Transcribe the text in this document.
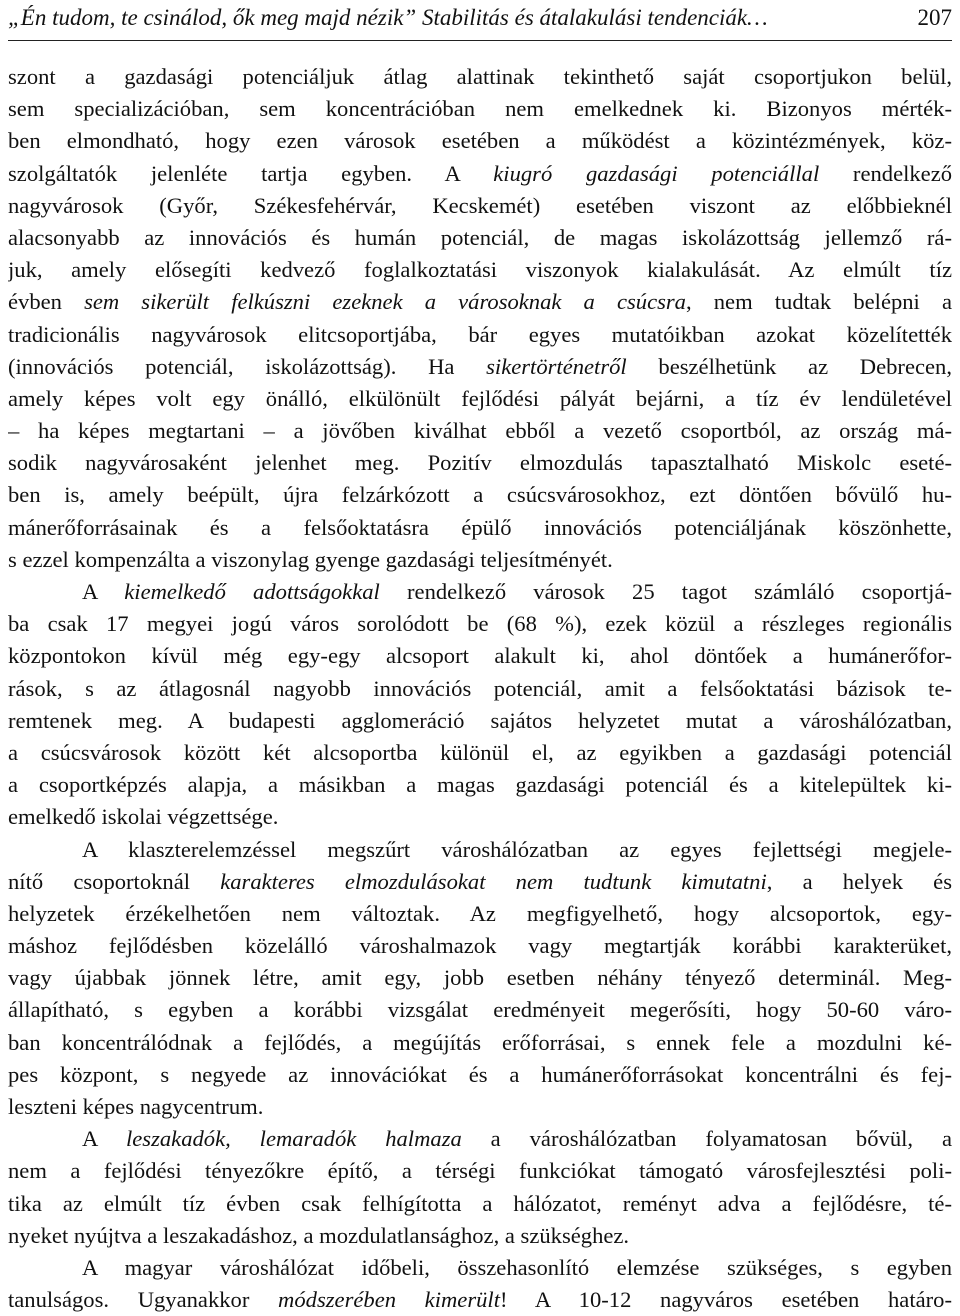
„Én tudom, te csinálod, ők meg majd nézik” Stabilitás és átalakulási tendenciák…	207
szont a gazdasági potenciáljuk átlag alattinak tekinthető saját csoportjukon belül,
sem specializációban, sem koncentrációban nem emelkednek ki. Bizonyos mérték-
ben elmondható, hogy ezen városok esetében a működést a közintézmények, köz-
szolgáltatók jelenléte tartja egyben. A kiugró gazdasági potenciállal rendelkező
nagyvárosok (Győr, Székesfehérvár, Kecskemét) esetében viszont az előbbieknél
alacsonyabb az innovációs és humán potenciál, de magas iskolázottság jellemző rá-
juk, amely elősegíti kedvező foglalkoztatási viszonyok kialakulását. Az elmúlt tíz
évben sem sikerült felkúszni ezeknek a városoknak a csúcsra, nem tudtak belépni a
tradicionális nagyvárosok elitcsoportjába, bár egyes mutatóikban azokat közelítették
(innovációs potenciál, iskolázottság). Ha sikertörténetről beszélhetünk az Debrecen,
amely képes volt egy önálló, elkülönült fejlődési pályát bejárni, a tíz év lendületével
– ha képes megtartani – a jövőben kiválhat ebből a vezető csoportból, az ország má-
sodik nagyvárosaként jelenhet meg. Pozitív elmozdulás tapasztalható Miskolc eseté-
ben is, amely beépült, újra felzárkózott a csúcsvárosokhoz, ezt döntően bővülő hu-
mánerőforrásainak és a felsőoktatásra épülő innovációs potenciáljának köszönhette,
s ezzel kompenzálta a viszonylag gyenge gazdasági teljesítményét.
A kiemelkedő adottságokkal rendelkező városok 25 tagot számláló csoportjá-
ba csak 17 megyei jogú város sorolódott be (68 %), ezek közül a részleges regionális
központokon kívül még egy-egy alcsoport alakult ki, ahol döntőek a humánerőfor-
rások, s az átlagosnál nagyobb innovációs potenciál, amit a felsőoktatási bázisok te-
remtenek meg. A budapesti agglomeráció sajátos helyzetet mutat a városhálózatban,
a csúcsvárosok között két alcsoportba különül el, az egyikben a gazdasági potenciál
a csoportképzés alapja, a másikban a magas gazdasági potenciál és a kitelepültek ki-
emelkedő iskolai végzettsége.
A klaszterelemzéssel megszűrt városhálózatban az egyes fejlettségi megjele-
nítő csoportoknál karakteres elmozdulásokat nem tudtunk kimutatni, a helyek és
helyzetek érzékelhetően nem változtak. Az megfigyelhető, hogy alcsoportok, egy-
máshoz fejlődésben közelálló városhalmazok vagy megtartják korábbi karakterüket,
vagy újabbak jönnek létre, amit egy, jobb esetben néhány tényező determinál. Meg-
állapítható, s egyben a korábbi vizsgálat eredményeit megerősíti, hogy 50-60 váro-
ban koncentrálódnak a fejlődés, a megújítás erőforrásai, s ennek fele a mozdulni ké-
pes központ, s negyede az innovációkat és a humánerőforrásokat koncentrálni és fej-
leszteni képes nagycentrum.
A leszakadók, lemaradók halmaza a városhálózatban folyamatosan bővül, a
nem a fejlődési tényezőkre építő, a térségi funkciókat támogató városfejlesztési poli-
tika az elmúlt tíz évben csak felhígította a hálózatot, reményt adva a fejlődésre, té-
nyeket nyújtva a leszakadáshoz, a mozdulatlansághoz, a szükséghez.
A magyar városhálózat időbeli, összehasonlító elemzése szükséges, s egyben
tanulságos. Ugyanakkor módszerében kimerült! A 10-12 nagyváros esetében határo-
